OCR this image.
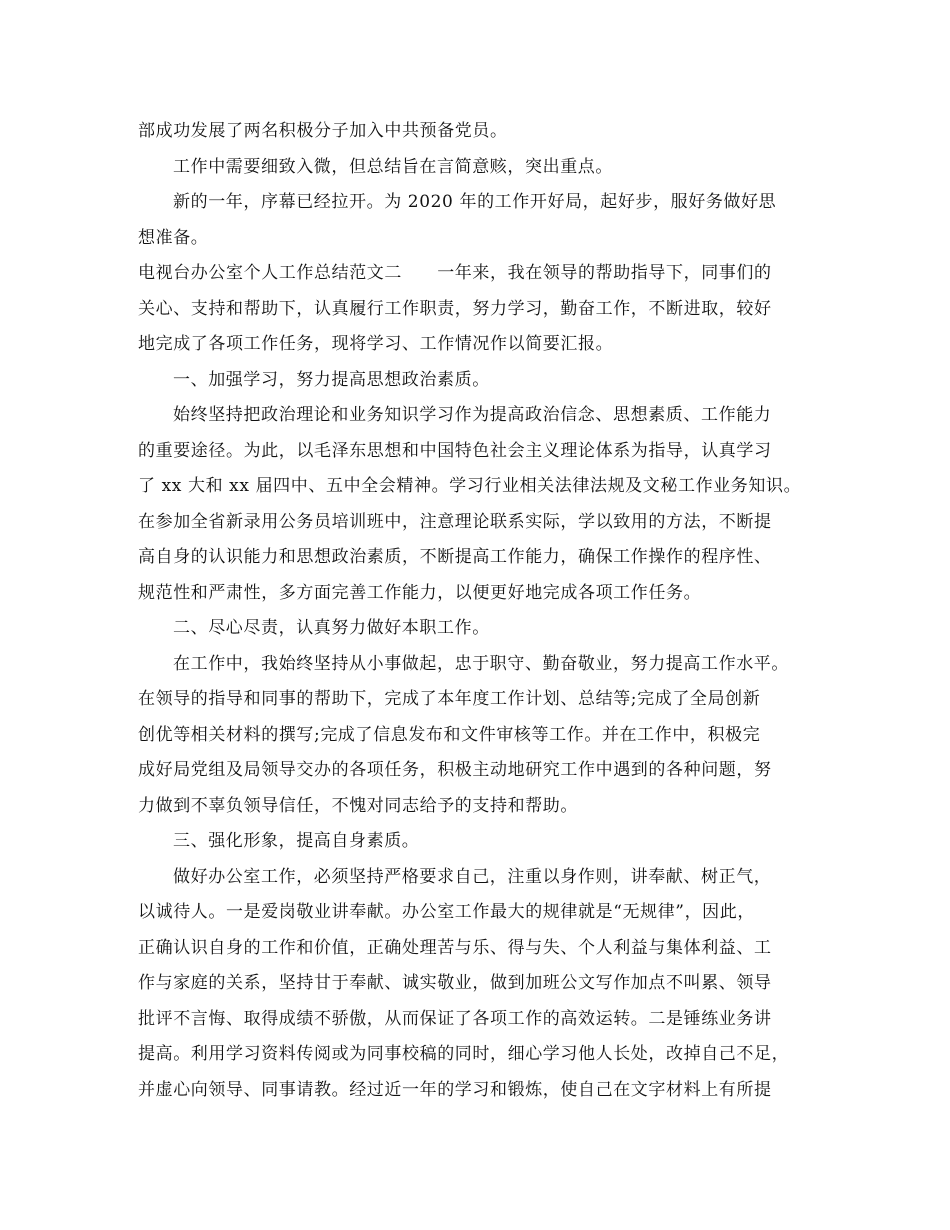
部成功发展了两名积极分子加入中共预备党员。
工作中需要细致入微，但总结旨在言简意赅，突出重点。
新的一年，序幕已经拉开。为 2020 年的工作开好局，起好步，服好务做好思
想准备。
电视台办公室个人工作总结范文二　　一年来，我在领导的帮助指导下，同事们的
关心、支持和帮助下，认真履行工作职责，努力学习，勤奋工作，不断进取，较好
地完成了各项工作任务，现将学习、工作情况作以简要汇报。
一、加强学习，努力提高思想政治素质。
始终坚持把政治理论和业务知识学习作为提高政治信念、思想素质、工作能力
的重要途径。为此，以毛泽东思想和中国特色社会主义理论体系为指导，认真学习
了 xx 大和 xx 届四中、五中全会精神。学习行业相关法律法规及文秘工作业务知识。
在参加全省新录用公务员培训班中，注意理论联系实际，学以致用的方法，不断提
高自身的认识能力和思想政治素质，不断提高工作能力，确保工作操作的程序性、
规范性和严肃性，多方面完善工作能力，以便更好地完成各项工作任务。
二、尽心尽责，认真努力做好本职工作。
在工作中，我始终坚持从小事做起，忠于职守、勤奋敬业，努力提高工作水平。
在领导的指导和同事的帮助下，完成了本年度工作计划、总结等;完成了全局创新
创优等相关材料的撰写;完成了信息发布和文件审核等工作。并在工作中，积极完
成好局党组及局领导交办的各项任务，积极主动地研究工作中遇到的各种问题，努
力做到不辜负领导信任，不愧对同志给予的支持和帮助。
三、强化形象，提高自身素质。
做好办公室工作，必须坚持严格要求自己，注重以身作则，讲奉献、树正气，
以诚待人。一是爱岗敬业讲奉献。办公室工作最大的规律就是“无规律”，因此，
正确认识自身的工作和价值，正确处理苦与乐、得与失、个人利益与集体利益、工
作与家庭的关系，坚持甘于奉献、诚实敬业，做到加班公文写作加点不叫累、领导
批评不言悔、取得成绩不骄傲，从而保证了各项工作的高效运转。二是锤练业务讲
提高。利用学习资料传阅或为同事校稿的同时，细心学习他人长处，改掉自己不足，
并虚心向领导、同事请教。经过近一年的学习和锻炼，使自己在文字材料上有所提
